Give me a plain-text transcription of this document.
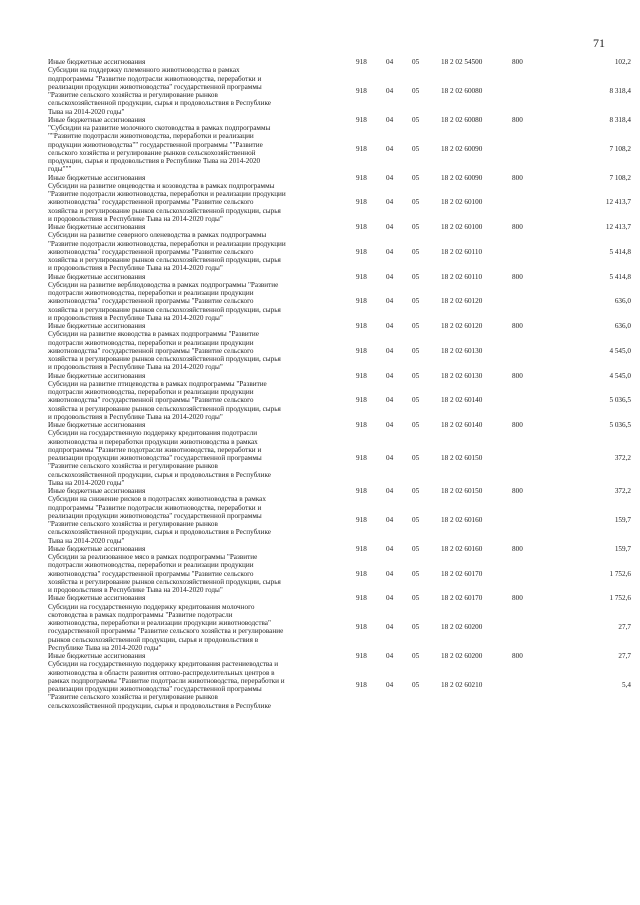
71
Иные бюджетные ассигнования	918	04	05	18 2 02 54500	800	102,2
Субсидии на поддержку племенного животноводства в рамках
подпрограммы "Развитие подотрасли животноводства, переработки и
реализации продукции животноводства" государственной программы
"Развитие сельского хозяйства и регулирование рынков
сельскохозяйственной продукции, сырья и продовольствия в Республике
Тыва на 2014-2020 годы"
918	04	05	18 2 02 60080	8 318,4
Иные бюджетные ассигнования	918	04	05	18 2 02 60080	800	8 318,4
"Субсидии на развитие молочного скотоводства в рамках подпрограммы
""Развитие подотрасли животноводства, переработки и реализации
продукции животноводства"" государственной программы ""Развитие
сельского хозяйства и регулирование рынков сельскохозяйственной
продукции, сырья и продовольствия в Республике Тыва на 2014-2020
годы"""
918	04	05	18 2 02 60090	7 108,2
Иные бюджетные ассигнования	918	04	05	18 2 02 60090	800	7 108,2
Субсидии на развитие овцеводства и козоводства в рамках подпрограммы
"Развитие подотрасли животноводства, переработки и реализации продукции
животноводства" государственной программы "Развитие сельского
хозяйства и регулирование рынков сельскохозяйственной продукции, сырья
и продовольствия в Республике Тыва на 2014-2020 годы"
918	04	05	18 2 02 60100	12 413,7
Иные бюджетные ассигнования	918	04	05	18 2 02 60100	800	12 413,7
Субсидии на развитие северного оленеводства в рамках подпрограммы
"Развитие подотрасли животноводства, переработки и реализации продукции
животноводства" государственной программы "Развитие сельского
хозяйства и регулирование рынков сельскохозяйственной продукции, сырья
и продовольствия в Республике Тыва на 2014-2020 годы"
918	04	05	18 2 02 60110	5 414,8
Иные бюджетные ассигнования	918	04	05	18 2 02 60110	800	5 414,8
Субсидии на развитие верблюдоводства в рамках подпрограммы "Развитие
подотрасли животноводства, переработки и реализации продукции
животноводства" государственной программы "Развитие сельского
хозяйства и регулирование рынков сельскохозяйственной продукции, сырья
и продовольствия в Республике Тыва на 2014-2020 годы"
918	04	05	18 2 02 60120	636,0
Иные бюджетные ассигнования	918	04	05	18 2 02 60120	800	636,0
Субсидии на развитие яководства в рамках подпрограммы "Развитие
подотрасли животноводства, переработки и реализации продукции
животноводства" государственной программы "Развитие сельского
хозяйства и регулирование рынков сельскохозяйственной продукции, сырья
и продовольствия в Республике Тыва на 2014-2020 годы"
918	04	05	18 2 02 60130	4 545,0
Иные бюджетные ассигнования	918	04	05	18 2 02 60130	800	4 545,0
Субсидии на развитие птицеводства в рамках подпрограммы "Развитие
подотрасли животноводства, переработки и реализации продукции
животноводства" государственной программы "Развитие сельского
хозяйства и регулирование рынков сельскохозяйственной продукции, сырья
и продовольствия в Республике Тыва на 2014-2020 годы"
918	04	05	18 2 02 60140	5 036,5
Иные бюджетные ассигнования	918	04	05	18 2 02 60140	800	5 036,5
Субсидии на государственную поддержку кредитования подотрасли
животноводства и переработки продукции животноводства в рамках
подпрограммы "Развитие подотрасли животноводства, переработки и
реализации продукции животноводства" государственной программы
"Развитие сельского хозяйства и регулирование рынков
сельскохозяйственной продукции, сырья и продовольствия в Республике
Тыва на 2014-2020 годы"
918	04	05	18 2 02 60150	372,2
Иные бюджетные ассигнования	918	04	05	18 2 02 60150	800	372,2
Субсидии на снижение рисков в подотраслях животноводства в рамках
подпрограммы "Развитие подотрасли животноводства, переработки и
реализации продукции животноводства" государственной программы
"Развитие сельского хозяйства и регулирование рынков
сельскохозяйственной продукции, сырья и продовольствия в Республике
Тыва на 2014-2020 годы"
918	04	05	18 2 02 60160	159,7
Иные бюджетные ассигнования	918	04	05	18 2 02 60160	800	159,7
Субсидии за реализованное мясо в рамках подпрограммы "Развитие
подотрасли животноводства, переработки и реализации продукции
животноводства" государственной программы "Развитие сельского
хозяйства и регулирование рынков сельскохозяйственной продукции, сырья
и продовольствия в Республике Тыва на 2014-2020 годы"
918	04	05	18 2 02 60170	1 752,6
Иные бюджетные ассигнования	918	04	05	18 2 02 60170	800	1 752,6
Субсидии на государственную поддержку кредитования молочного
скотоводства в рамках подпрограммы "Развитие подотрасли
животноводства, переработки и реализации продукции животноводства"
государственной программы "Развитие сельского хозяйства и регулирование
рынков сельскохозяйственной продукции, сырья и продовольствия в
Республике Тыва на 2014-2020 годы"
918	04	05	18 2 02 60200	27,7
Иные бюджетные ассигнования	918	04	05	18 2 02 60200	800	27,7
Субсидии на государственную поддержку кредитования растениеводства и
животноводства в области развития оптово-распределительных центров в
рамках подпрограммы "Развитие подотрасли животноводства, переработки и
реализации продукции животноводства" государственной программы
"Развитие сельского хозяйства и регулирование рынков
сельскохозяйственной продукции, сырья и продовольствия в Республике
918	04	05	18 2 02 60210	5,4
